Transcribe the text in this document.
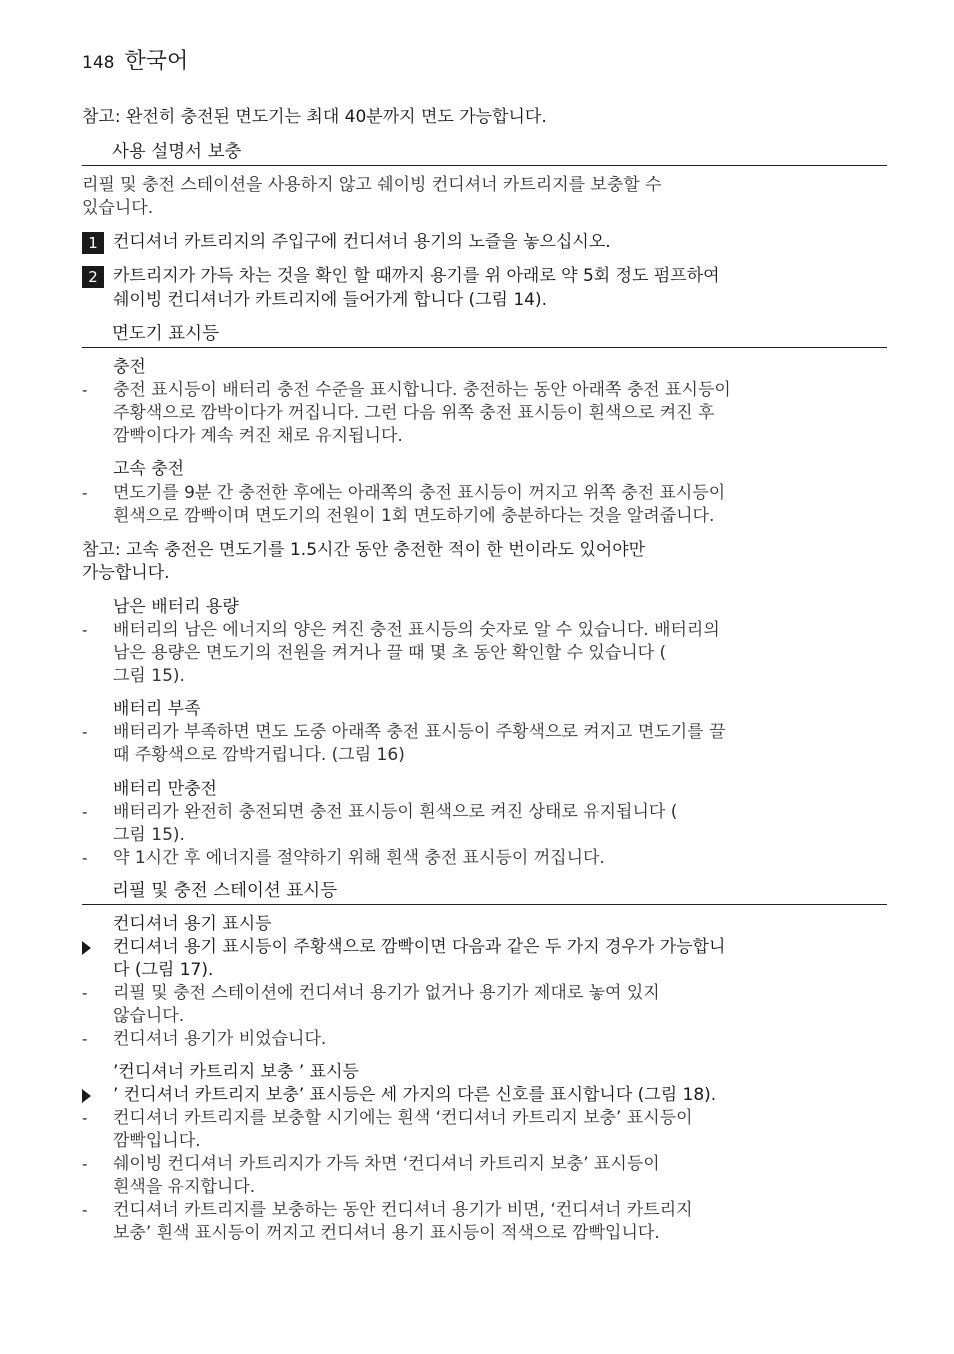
148 한국어

참고: 완전히 충전된 면도기는 최대 40분까지 면도 가능합니다.

사용 설명서 보충

리필 및 충전 스테이션을 사용하지 않고 쉐이빙 컨디셔너 카트리지를 보충할 수

있습니다.

1 컨디셔너 카트리지의 주입구에 컨디셔너 용기의 노즐을 놓으십시오.

2 카트리지가 가득 차는 것을 확인 할 때까지 용기를 위 아래로 약 5회 정도 펌프하여

쉐이빙 컨디셔너가 카트리지에 들어가게 합니다 (그림 14).

면도기 표시등

충전

- 충전 표시등이 배터리 충전 수준을 표시합니다. 충전하는 동안 아래쪽 충전 표시등이

주황색으로 깜박이다가 꺼집니다. 그런 다음 위쪽 충전 표시등이 흰색으로 켜진 후

깜빡이다가 계속 켜진 채로 유지됩니다.

고속 충전

- 면도기를 9분 간 충전한 후에는 아래쪽의 충전 표시등이 꺼지고 위쪽 충전 표시등이

흰색으로 깜빡이며 면도기의 전원이 1회 면도하기에 충분하다는 것을 알려줍니다.

참고: 고속 충전은 면도기를 1.5시간 동안 충전한 적이 한 번이라도 있어야만

가능합니다.

남은 배터리 용량

- 배터리의 남은 에너지의 양은 켜진 충전 표시등의 숫자로 알 수 있습니다. 배터리의

남은 용량은 면도기의 전원을 켜거나 끌 때 몇 초 동안 확인할 수 있습니다 (

그림 15).

배터리 부족

- 배터리가 부족하면 면도 도중 아래쪽 충전 표시등이 주황색으로 켜지고 면도기를 끌

때 주황색으로 깜박거립니다. (그림 16)

배터리 만충전

- 배터리가 완전히 충전되면 충전 표시등이 흰색으로 켜진 상태로 유지됩니다 (

그림 15).

- 약 1시간 후 에너지를 절약하기 위해 흰색 충전 표시등이 꺼집니다.

리필 및 충전 스테이션 표시등

컨디셔너 용기 표시등

컨디셔너 용기 표시등이 주황색으로 깜빡이면 다음과 같은 두 가지 경우가 가능합니

다 (그림 17).

- 리필 및 충전 스테이션에 컨디셔너 용기가 없거나 용기가 제대로 놓여 있지

않습니다.

- 컨디셔너 용기가 비었습니다.

’컨디셔너 카트리지 보충 ’ 표시등

’ 컨디셔너 카트리지 보충’ 표시등은 세 가지의 다른 신호를 표시합니다 (그림 18).

- 컨디셔너 카트리지를 보충할 시기에는 흰색 ‘컨디셔너 카트리지 보충’ 표시등이

깜빡입니다.

- 쉐이빙 컨디셔너 카트리지가 가득 차면 ‘컨디셔너 카트리지 보충’ 표시등이

흰색을 유지합니다.

- 컨디셔너 카트리지를 보충하는 동안 컨디셔너 용기가 비면, ‘컨디셔너 카트리지

보충’ 흰색 표시등이 꺼지고 컨디셔너 용기 표시등이 적색으로 깜빡입니다.
